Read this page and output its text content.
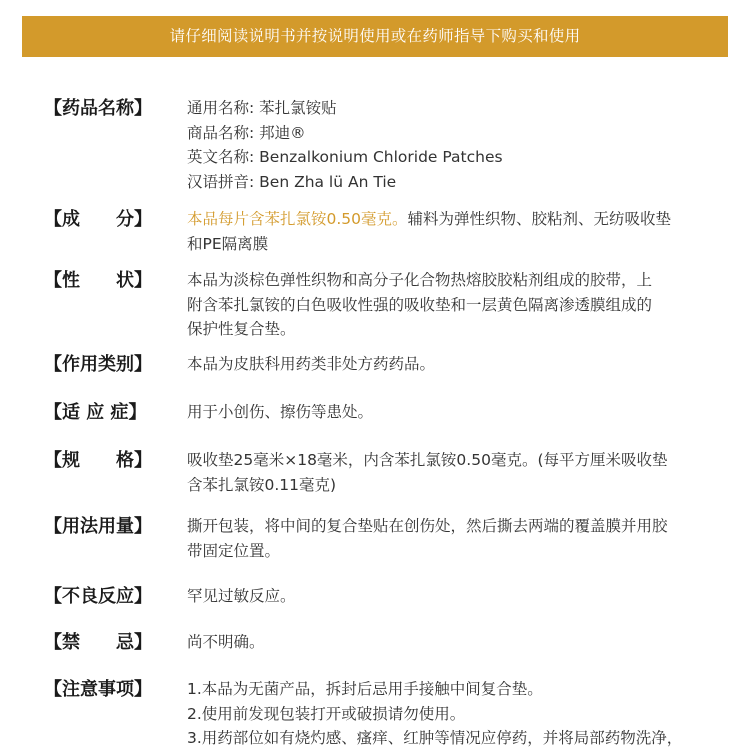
请仔细阅读说明书并按说明使用或在药师指导下购买和使用
【药品名称】	通用名称: 苯扎氯铵贴
商品名称: 邦迪®
英文名称: Benzalkonium Chloride Patches
汉语拼音: Ben Zha lü An Tie
【成　　分】	本品每片含苯扎氯铵0.50毫克。辅料为弹性织物、胶粘剂、无纺吸收垫
和PE隔离膜
【性　　状】	本品为淡棕色弹性织物和高分子化合物热熔胶胶粘剂组成的胶带，上
附含苯扎氯铵的白色吸收性强的吸收垫和一层黄色隔离渗透膜组成的
保护性复合垫。
【作用类别】	本品为皮肤科用药类非处方药药品。
【适 应 症】	用于小创伤、擦伤等患处。
【规　　格】	吸收垫25毫米×18毫米，内含苯扎氯铵0.50毫克。(每平方厘米吸收垫
含苯扎氯铵0.11毫克)
【用法用量】	撕开包装，将中间的复合垫贴在创伤处，然后撕去两端的覆盖膜并用胶
带固定位置。
【不良反应】	罕见过敏反应。
【禁　　忌】	尚不明确。
【注意事项】	1.本品为无菌产品，拆封后忌用手接触中间复合垫。
2.使用前发现包装打开或破损请勿使用。
3.用药部位如有烧灼感、瘙痒、红肿等情况应停药，并将局部药物洗净，
